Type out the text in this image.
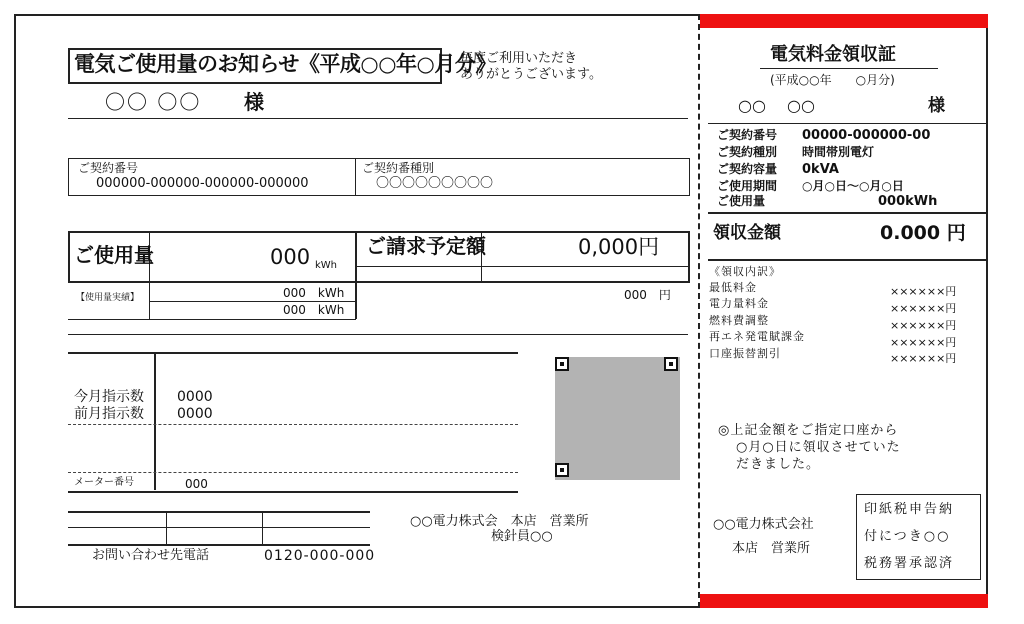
電気ご使用量のお知らせ《平成○○年○月分》
毎度ご利用いただき
ありがとうございます。
〇〇 〇〇 様
ご契約番号
000000-000000-000000-000000
ご契約番種別
〇〇〇〇〇〇〇〇〇
ご使用量	000 kWh
ご請求予定額	0,000円
【使用量実績】	000　kWh
000　kWh
000　円
今月指示数 0000
前月指示数 0000
メーター番号	000
○○電力株式会　本店　営業所
検針員○○
お問い合わせ先電話	0120-000-000
電気料金領収証
(平成○○年　　○月分)
○○　 ○○	様
ご契約番号 00000-000000-00
ご契約種別 時間帯別電灯
ご契約容量 0kVA
ご使用期間 ○月○日〜○月○日
ご使用量	000kWh
領収金額	0.000 円
《領収内訳》
最低料金	××××××円
電力量料金	××××××円
燃料費調整	××××××円
再エネ発電賦課金	××××××円
口座振替割引	××××××円
◎上記金額をご指定口座から
○月○日に領収させていた
だきました。
○○電力株式会社
本店　営業所
印紙税申告納
付につき○○
税務署承認済
